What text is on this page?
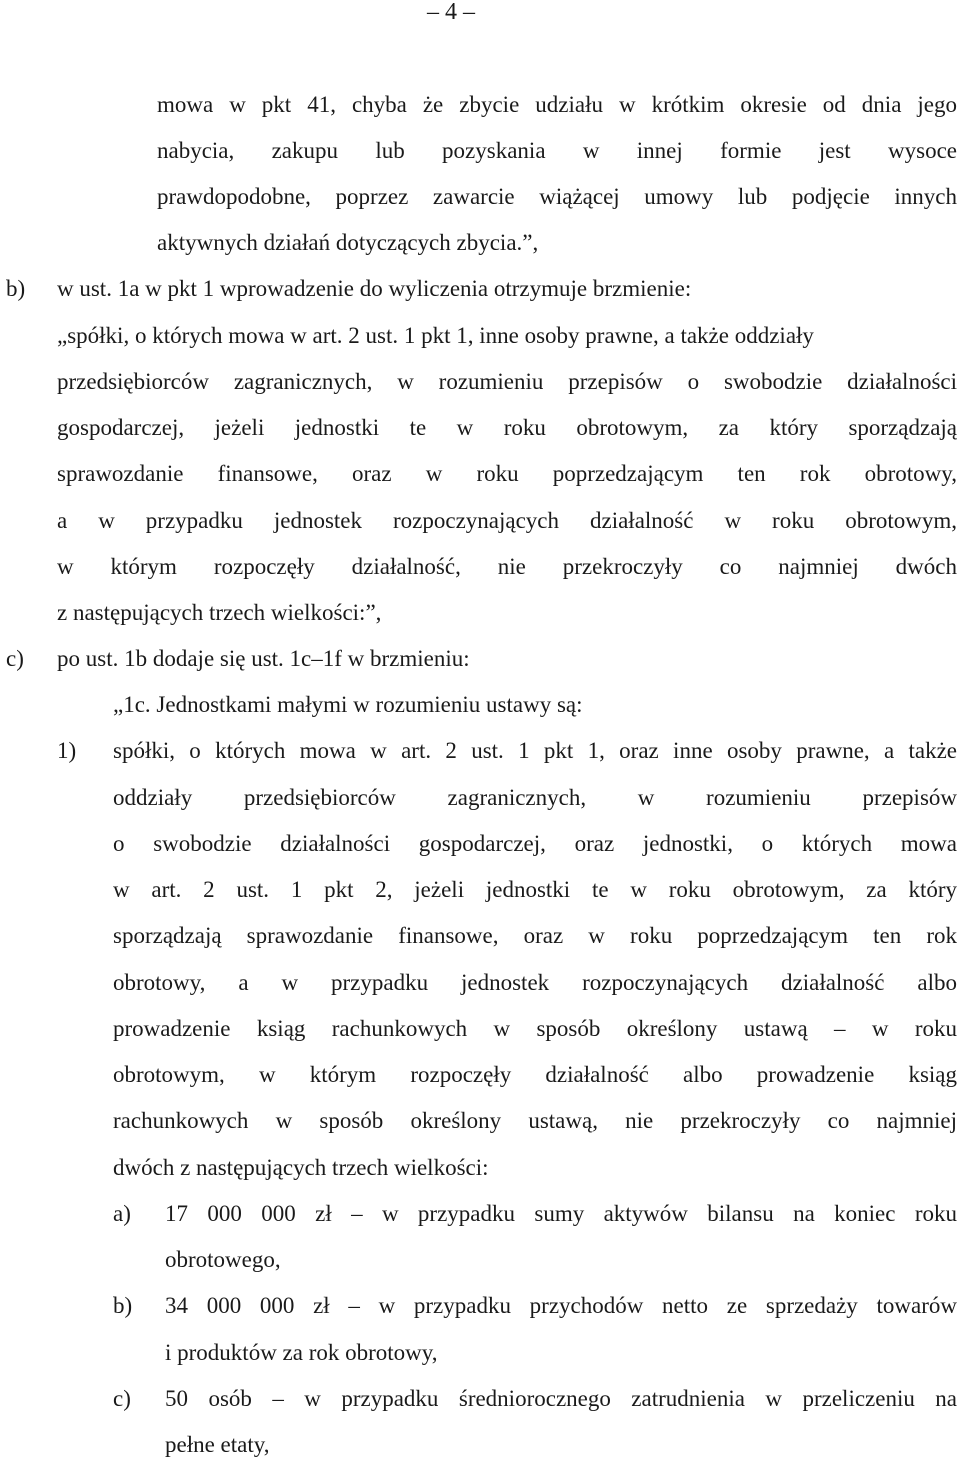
– 4 –
mowa w pkt 41, chyba że zbycie udziału w krótkim okresie od dnia jego
nabycia, zakupu lub pozyskania w innej formie jest wysoce
prawdopodobne, poprzez zawarcie wiążącej umowy lub podjęcie innych
aktywnych działań dotyczących zbycia.”,
b) w ust. 1a w pkt 1 wprowadzenie do wyliczenia otrzymuje brzmienie:
„spółki, o których mowa w art. 2 ust. 1 pkt 1, inne osoby prawne, a także oddziały
przedsiębiorców zagranicznych, w rozumieniu przepisów o swobodzie działalności
gospodarczej, jeżeli jednostki te w roku obrotowym, za który sporządzają
sprawozdanie finansowe, oraz w roku poprzedzającym ten rok obrotowy,
a w przypadku jednostek rozpoczynających działalność w roku obrotowym,
w którym rozpoczęły działalność, nie przekroczyły co najmniej dwóch
z następujących trzech wielkości:”,
c) po ust. 1b dodaje się ust. 1c–1f w brzmieniu:
„1c. Jednostkami małymi w rozumieniu ustawy są:
1) spółki, o których mowa w art. 2 ust. 1 pkt 1, oraz inne osoby prawne, a także
oddziały przedsiębiorców zagranicznych, w rozumieniu przepisów
o swobodzie działalności gospodarczej, oraz jednostki, o których mowa
w art. 2 ust. 1 pkt 2, jeżeli jednostki te w roku obrotowym, za który
sporządzają sprawozdanie finansowe, oraz w roku poprzedzającym ten rok
obrotowy, a w przypadku jednostek rozpoczynających działalność albo
prowadzenie ksiąg rachunkowych w sposób określony ustawą – w roku
obrotowym, w którym rozpoczęły działalność albo prowadzenie ksiąg
rachunkowych w sposób określony ustawą, nie przekroczyły co najmniej
dwóch z następujących trzech wielkości:
a) 17 000 000 zł – w przypadku sumy aktywów bilansu na koniec roku
obrotowego,
b) 34 000 000 zł – w przypadku przychodów netto ze sprzedaży towarów
i produktów za rok obrotowy,
c) 50 osób – w przypadku średniorocznego zatrudnienia w przeliczeniu na
pełne etaty,
